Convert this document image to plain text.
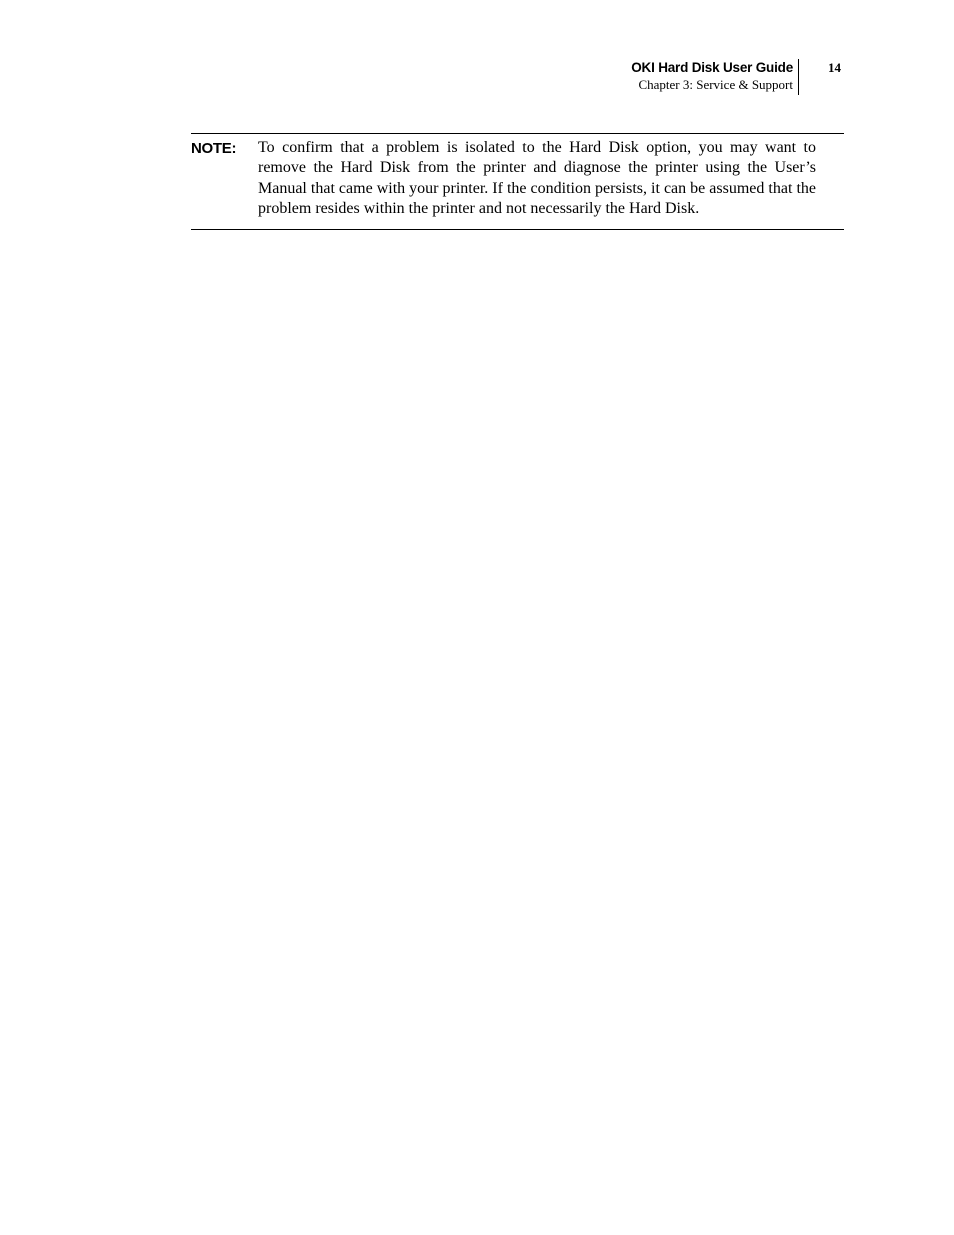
OKI Hard Disk User Guide
Chapter 3: Service & Support
14
NOTE: To confirm that a problem is isolated to the Hard Disk option, you may want to remove the Hard Disk from the printer and diagnose the printer using the User’s Manual that came with your printer. If the condition persists, it can be assumed that the problem resides within the printer and not necessarily the Hard Disk.
